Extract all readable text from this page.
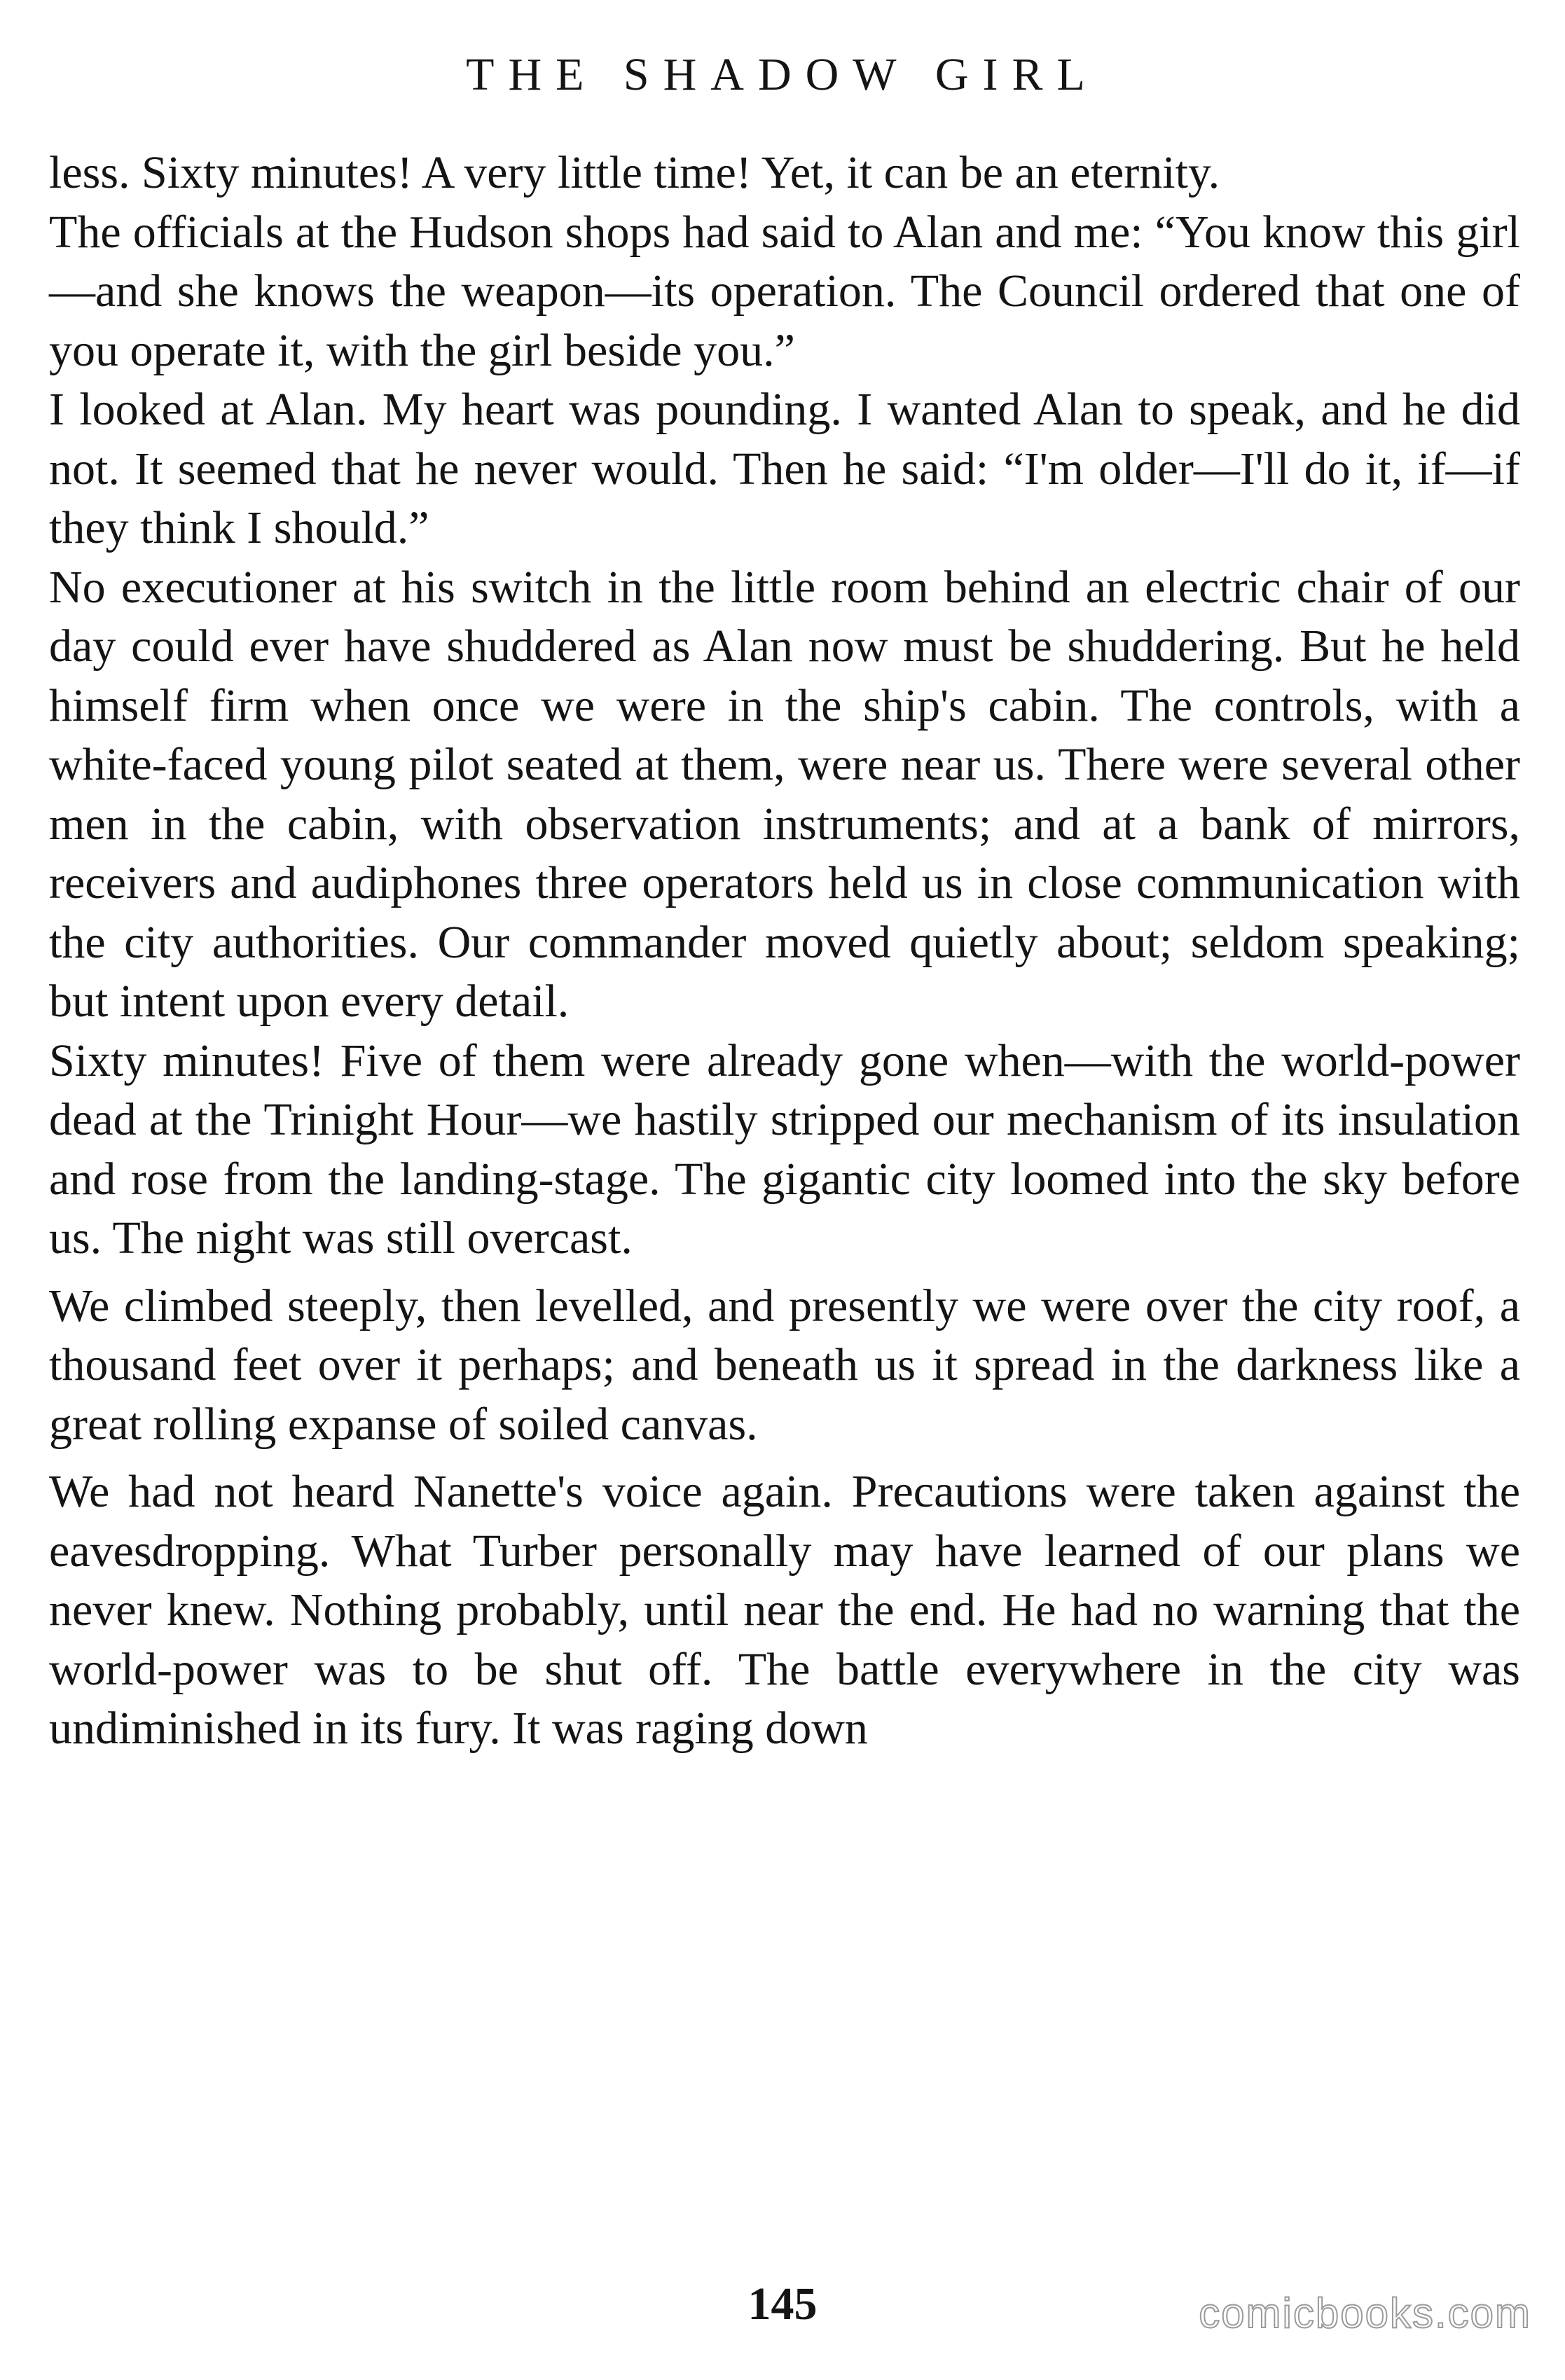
THE SHADOW GIRL

less. Sixty minutes! A very little time! Yet, it can be an eternity.

The officials at the Hudson shops had said to Alan and me: “You know this girl—and she knows the weapon—its operation. The Council ordered that one of you operate it, with the girl beside you.”

I looked at Alan. My heart was pounding. I wanted Alan to speak, and he did not. It seemed that he never would. Then he said: “I'm older—I'll do it, if—if they think I should.”

No executioner at his switch in the little room behind an electric chair of our day could ever have shuddered as Alan now must be shuddering. But he held himself firm when once we were in the ship's cabin. The controls, with a white-faced young pilot seated at them, were near us. There were several other men in the cabin, with observation instruments; and at a bank of mirrors, receivers and audiphones three operators held us in close communication with the city authorities. Our commander moved quietly about; seldom speaking; but intent upon every detail.

Sixty minutes! Five of them were already gone when—with the world-power dead at the Trinight Hour—we hastily stripped our mechanism of its insulation and rose from the landing-stage. The gigantic city loomed into the sky before us. The night was still overcast.

We climbed steeply, then levelled, and presently we were over the city roof, a thousand feet over it perhaps; and beneath us it spread in the darkness like a great rolling expanse of soiled canvas.

We had not heard Nanette's voice again. Precautions were taken against the eavesdropping. What Turber personally may have learned of our plans we never knew. Nothing probably, until near the end. He had no warning that the world-power was to be shut off. The battle everywhere in the city was undiminished in its fury. It was raging down

145	comicbooks.com
